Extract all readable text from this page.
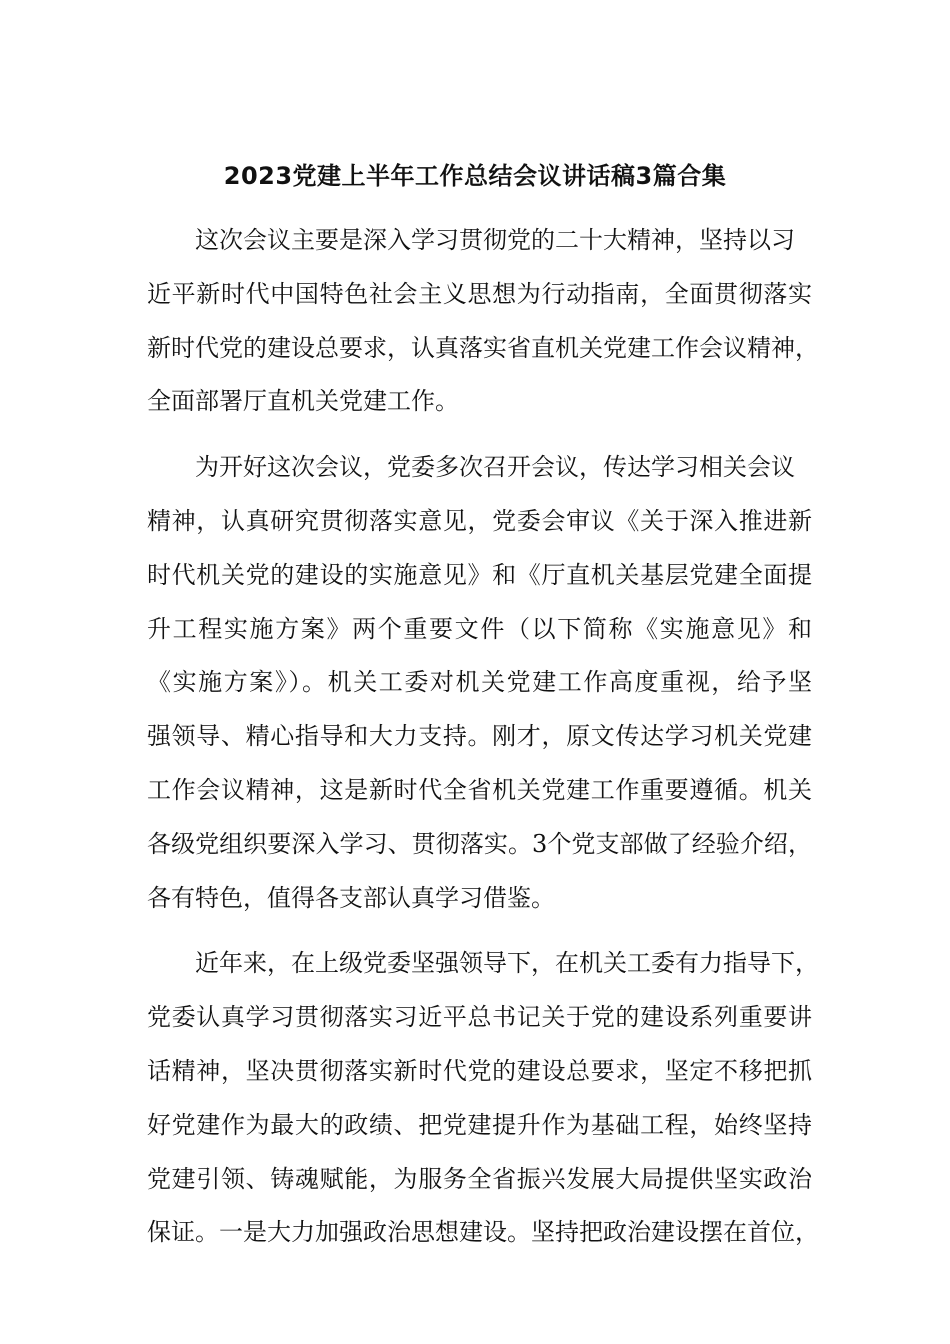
2023党建上半年工作总结会议讲话稿3篇合集
这次会议主要是深入学习贯彻党的二十大精神，坚持以习
近平新时代中国特色社会主义思想为行动指南，全面贯彻落实
新时代党的建设总要求，认真落实省直机关党建工作会议精神，
全面部署厅直机关党建工作。
为开好这次会议，党委多次召开会议，传达学习相关会议
精神，认真研究贯彻落实意见，党委会审议《关于深入推进新
时代机关党的建设的实施意见》和《厅直机关基层党建全面提
升工程实施方案》两个重要文件（以下简称《实施意见》和
《实施方案》）。机关工委对机关党建工作高度重视，给予坚
强领导、精心指导和大力支持。刚才，原文传达学习机关党建
工作会议精神，这是新时代全省机关党建工作重要遵循。机关
各级党组织要深入学习、贯彻落实。3个党支部做了经验介绍，
各有特色，值得各支部认真学习借鉴。
近年来，在上级党委坚强领导下，在机关工委有力指导下，
党委认真学习贯彻落实习近平总书记关于党的建设系列重要讲
话精神，坚决贯彻落实新时代党的建设总要求，坚定不移把抓
好党建作为最大的政绩、把党建提升作为基础工程，始终坚持
党建引领、铸魂赋能，为服务全省振兴发展大局提供坚实政治
保证。一是大力加强政治思想建设。坚持把政治建设摆在首位，
